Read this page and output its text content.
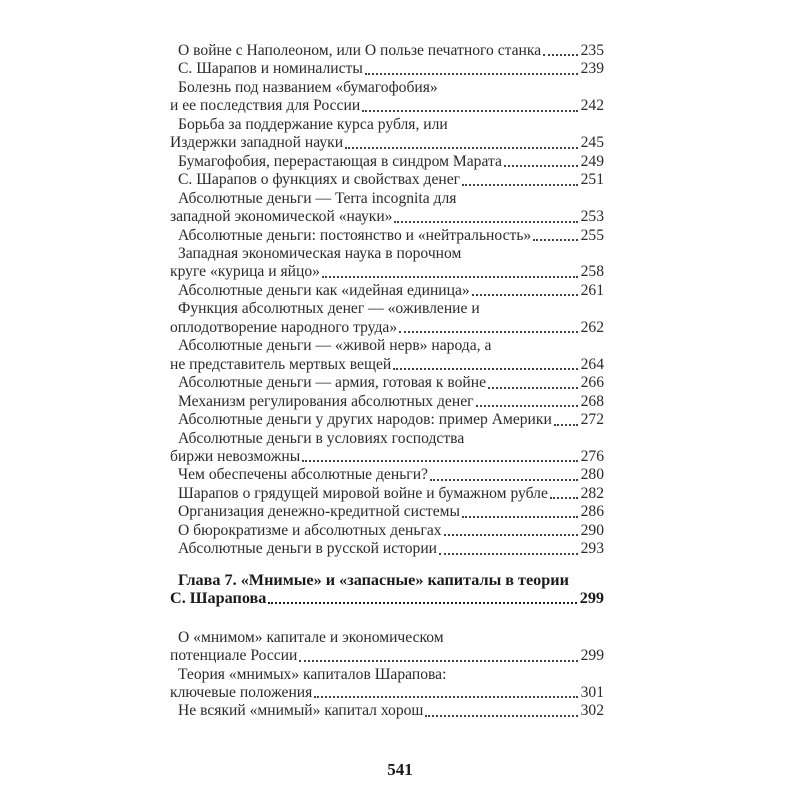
О войне с Наполеоном, или О пользе печатного станка	235
С. Шарапов и номиналисты	239
Болезнь под названием «бумагофобия»
и ее последствия для России	242
Борьба за поддержание курса рубля, или
Издержки западной науки	245
Бумагофобия, перерастающая в синдром Марата	249
С. Шарапов о функциях и свойствах денег	251
Абсолютные деньги — Terra incognita для
западной экономической «науки»	253
Абсолютные деньги: постоянство и «нейтральность»	255
Западная экономическая наука в порочном
круге «курица и яйцо»	258
Абсолютные деньги как «идейная единица»	261
Функция абсолютных денег — «оживление и
оплодотворение народного труда»	262
Абсолютные деньги — «живой нерв» народа, а
не представитель мертвых вещей	264
Абсолютные деньги — армия, готовая к войне	266
Механизм регулирования абсолютных денег	268
Абсолютные деньги у других народов: пример Америки 272
Абсолютные деньги в условиях господства
биржи невозможны	276
Чем обеспечены абсолютные деньги?	280
Шарапов о грядущей мировой войне и бумажном рубле 282
Организация денежно-кредитной системы	286
О бюрократизме и абсолютных деньгах	290
Абсолютные деньги в русской истории	293
Глава 7. «Мнимые» и «запасные» капиталы в теории
С. Шарапова	299
О «мнимом» капитале и экономическом
потенциале России	299
Теория «мнимых» капиталов Шарапова:
ключевые положения	301
Не всякий «мнимый» капитал хорош	302
541
